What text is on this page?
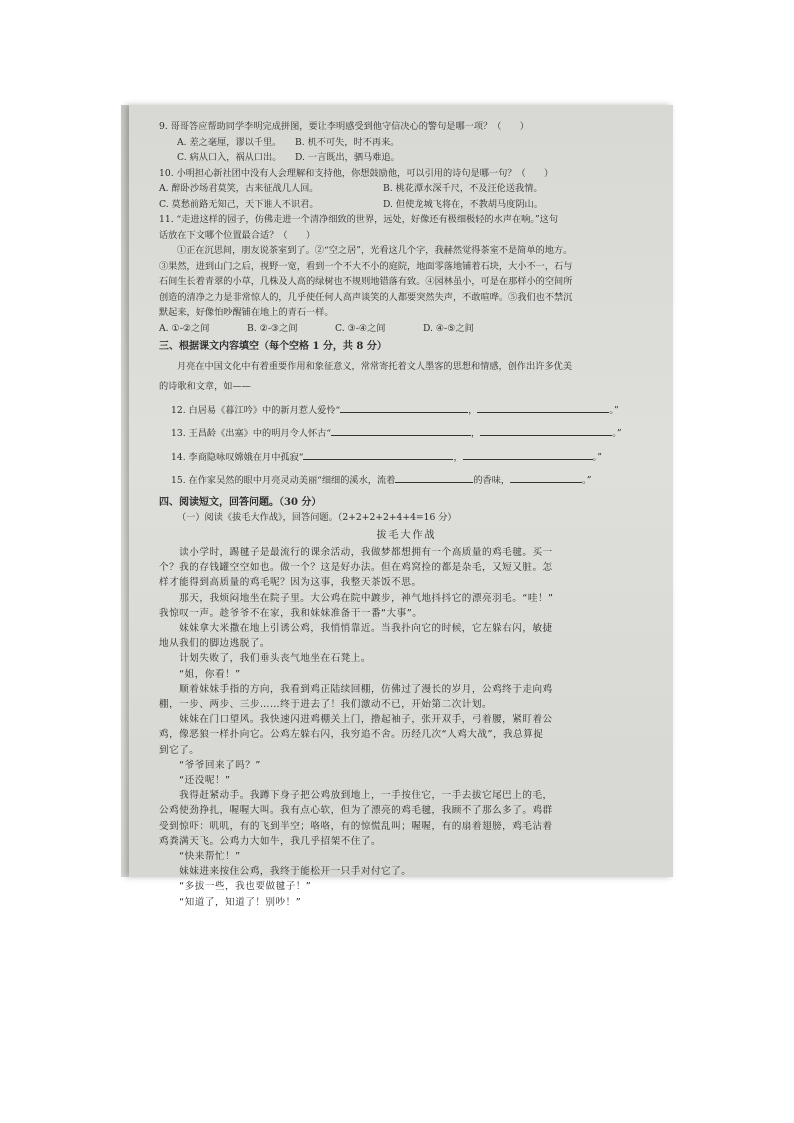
9. 哥哥答应帮助同学李明完成拼图，要让李明感受到他守信决心的警句是哪一项？（　　）
A. 差之毫厘，谬以千里。	B. 机不可失，时不再来。
C. 病从口入，祸从口出。	D. 一言既出，驷马难追。
10. 小明担心新社团中没有人会理解和支持他，你想鼓励他，可以引用的诗句是哪一句？（　　）
A. 醉卧沙场君莫笑，古来征战几人回。	B. 桃花潭水深千尺，不及汪伦送我情。
C. 莫愁前路无知己，天下谁人不识君。	D. 但使龙城飞将在，不教胡马度阴山。
11. “走进这样的园子，仿佛走进一个清净细致的世界，远处，好像还有极细极轻的水声在响。”这句
话放在下文哪个位置最合适？（　　）
①正在沉思间，朋友说茶室到了。②“空之居”，光看这几个字，我赫然觉得茶室不是简单的地方。
③果然，进到山门之后，视野一宽，看到一个不大不小的庭院，地面零落地铺着石块，大小不一，石与
石间生长着青翠的小草，几株及人高的绿树也不规则地错落有致。④园林虽小，可是在那样小的空间所
创造的清净之力是非常惊人的，几乎使任何人高声谈笑的人都要突然失声，不敢喧哗。⑤我们也不禁沉
默起来，好像怕吵醒铺在地上的青石一样。
A. ①-②之间	B. ②-③之间	C. ③-④之间	D. ④-⑤之间
三、根据课文内容填空（每个空格 1 分，共 8 分）
月亮在中国文化中有着重要作用和象征意义，常常寄托着文人墨客的思想和情感，创作出许多优美
的诗歌和文章，如——
12. 白居易《暮江吟》中的新月惹人爱怜“	，	。”
13. 王昌龄《出塞》中的明月令人怀古“	，	。”
14. 李商隐咏叹嫦娥在月中孤寂“	，	。”
15. 在作家吴然的眼中月亮灵动美丽“细细的溪水，流着	的香味，	。”
四、阅读短文，回答问题。（30 分）
（一）阅读《拔毛大作战》，回答问题。（2+2+2+2+4+4=16 分）
拔毛大作战
　　读小学时，踢毽子是最流行的课余活动，我做梦都想拥有一个高质量的鸡毛毽。买一
个？我的存钱罐空空如也。做一个？这是好办法。但在鸡窝捡的都是杂毛，又短又脏。怎
样才能得到高质量的鸡毛呢？因为这事，我整天茶饭不思。
　　那天，我烦闷地坐在院子里。大公鸡在院中踱步，神气地抖抖它的漂亮羽毛。“哇！”
我惊叹一声。趁爷爷不在家，我和妹妹准备干一番“大事”。
　　妹妹拿大米撒在地上引诱公鸡，我悄悄靠近。当我扑向它的时候，它左躲右闪，敏捷
地从我们的脚边逃脱了。
　　计划失败了，我们垂头丧气地坐在石凳上。
　　“姐，你看！”
　　顺着妹妹手指的方向，我看到鸡正陆续回棚，仿佛过了漫长的岁月，公鸡终于走向鸡
棚，一步、两步、三步……终于进去了！我们激动不已，开始第二次计划。
　　妹妹在门口望风。我快速闪进鸡棚关上门，撸起袖子，张开双手，弓着腰，紧盯着公
鸡，像恶狼一样扑向它。公鸡左躲右闪，我穷追不舍。历经几次“人鸡大战”，我总算捉
到它了。
　　“爷爷回来了吗？”
　　“还没呢！”
　　我得赶紧动手。我蹲下身子把公鸡放到地上，一手按住它，一手去拔它尾巴上的毛，
公鸡使劲挣扎，喔喔大叫。我有点心软，但为了漂亮的鸡毛毽，我顾不了那么多了。鸡群
受到惊吓：叽叽，有的飞到半空；咯咯，有的惊慌乱叫；喔喔，有的扇着翅膀，鸡毛沾着
鸡粪满天飞。公鸡力大如牛，我几乎招架不住了。
　　“快来帮忙！”
　　妹妹进来按住公鸡，我终于能松开一只手对付它了。
　　“多拔一些，我也要做毽子！”
　　“知道了，知道了！别吵！”
